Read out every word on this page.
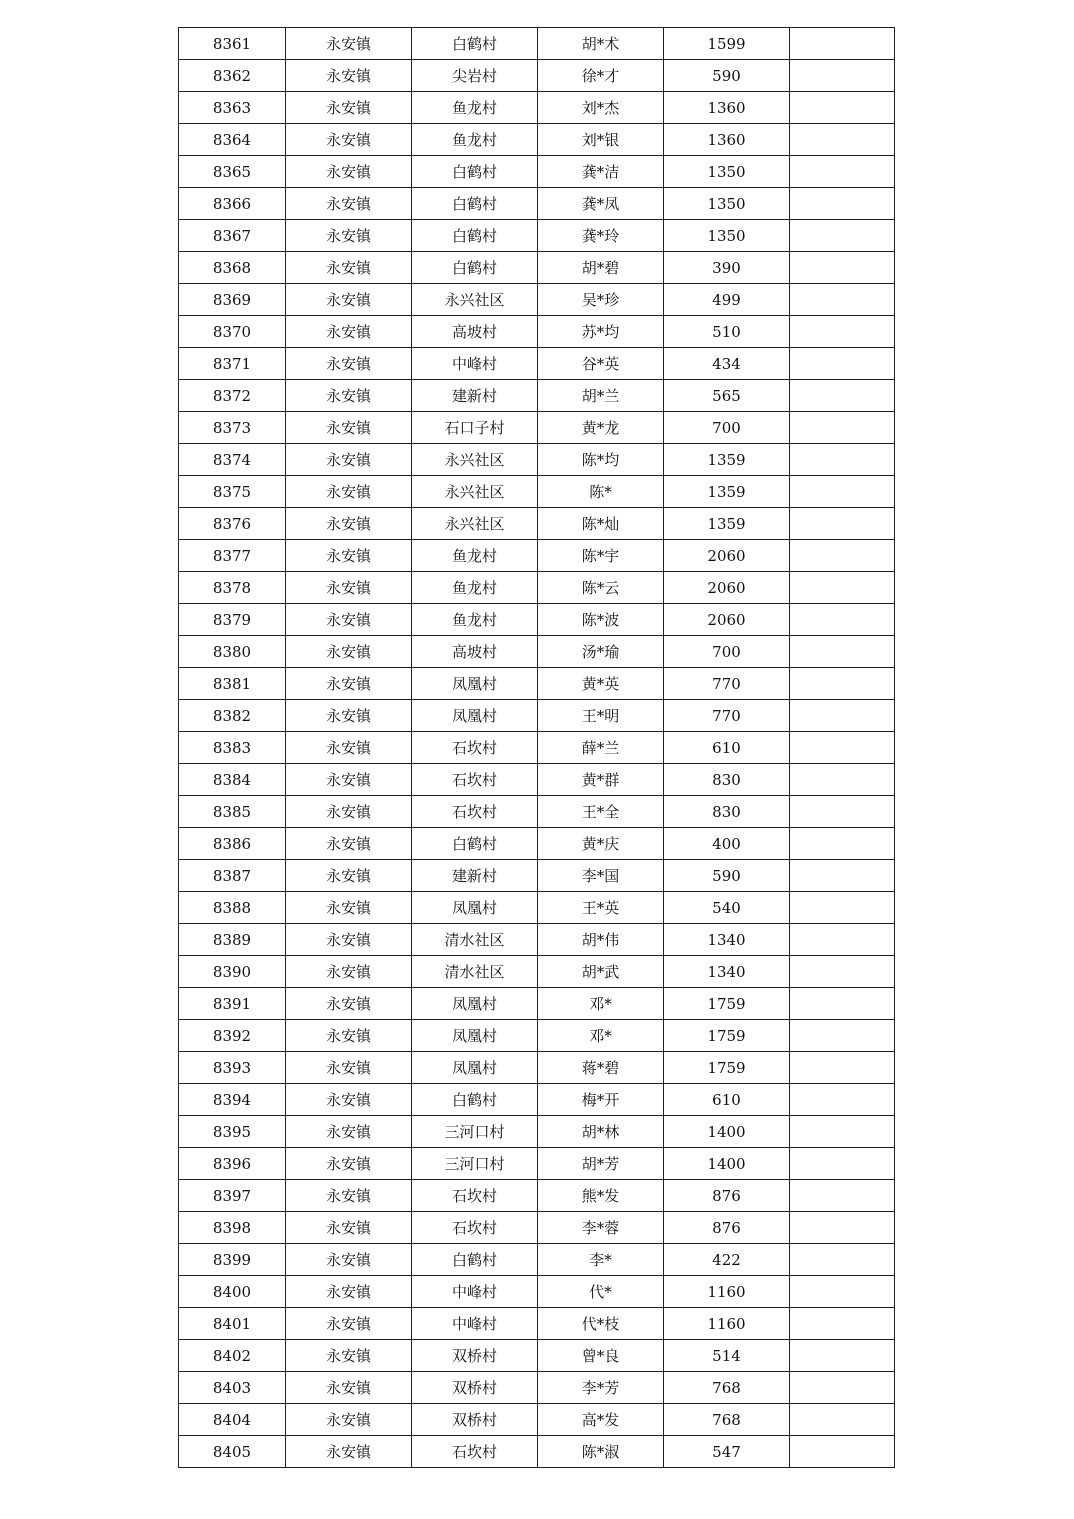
8361	永安镇	白鹤村	胡*术	1599	
8362	永安镇	尖岩村	徐*才	590	
8363	永安镇	鱼龙村	刘*杰	1360	
8364	永安镇	鱼龙村	刘*银	1360	
8365	永安镇	白鹤村	龚*洁	1350	
8366	永安镇	白鹤村	龚*凤	1350	
8367	永安镇	白鹤村	龚*玲	1350	
8368	永安镇	白鹤村	胡*碧	390	
8369	永安镇	永兴社区	吴*珍	499	
8370	永安镇	高坡村	苏*均	510	
8371	永安镇	中峰村	谷*英	434	
8372	永安镇	建新村	胡*兰	565	
8373	永安镇	石口子村	黄*龙	700	
8374	永安镇	永兴社区	陈*均	1359	
8375	永安镇	永兴社区	陈*	1359	
8376	永安镇	永兴社区	陈*灿	1359	
8377	永安镇	鱼龙村	陈*宇	2060	
8378	永安镇	鱼龙村	陈*云	2060	
8379	永安镇	鱼龙村	陈*波	2060	
8380	永安镇	高坡村	汤*瑜	700	
8381	永安镇	凤凰村	黄*英	770	
8382	永安镇	凤凰村	王*明	770	
8383	永安镇	石坎村	薛*兰	610	
8384	永安镇	石坎村	黄*群	830	
8385	永安镇	石坎村	王*全	830	
8386	永安镇	白鹤村	黄*庆	400	
8387	永安镇	建新村	李*国	590	
8388	永安镇	凤凰村	王*英	540	
8389	永安镇	清水社区	胡*伟	1340	
8390	永安镇	清水社区	胡*武	1340	
8391	永安镇	凤凰村	邓*	1759	
8392	永安镇	凤凰村	邓*	1759	
8393	永安镇	凤凰村	蒋*碧	1759	
8394	永安镇	白鹤村	梅*开	610	
8395	永安镇	三河口村	胡*林	1400	
8396	永安镇	三河口村	胡*芳	1400	
8397	永安镇	石坎村	熊*发	876	
8398	永安镇	石坎村	李*蓉	876	
8399	永安镇	白鹤村	李*	422	
8400	永安镇	中峰村	代*	1160	
8401	永安镇	中峰村	代*枝	1160	
8402	永安镇	双桥村	曾*良	514	
8403	永安镇	双桥村	李*芳	768	
8404	永安镇	双桥村	高*发	768	
8405	永安镇	石坎村	陈*淑	547	
